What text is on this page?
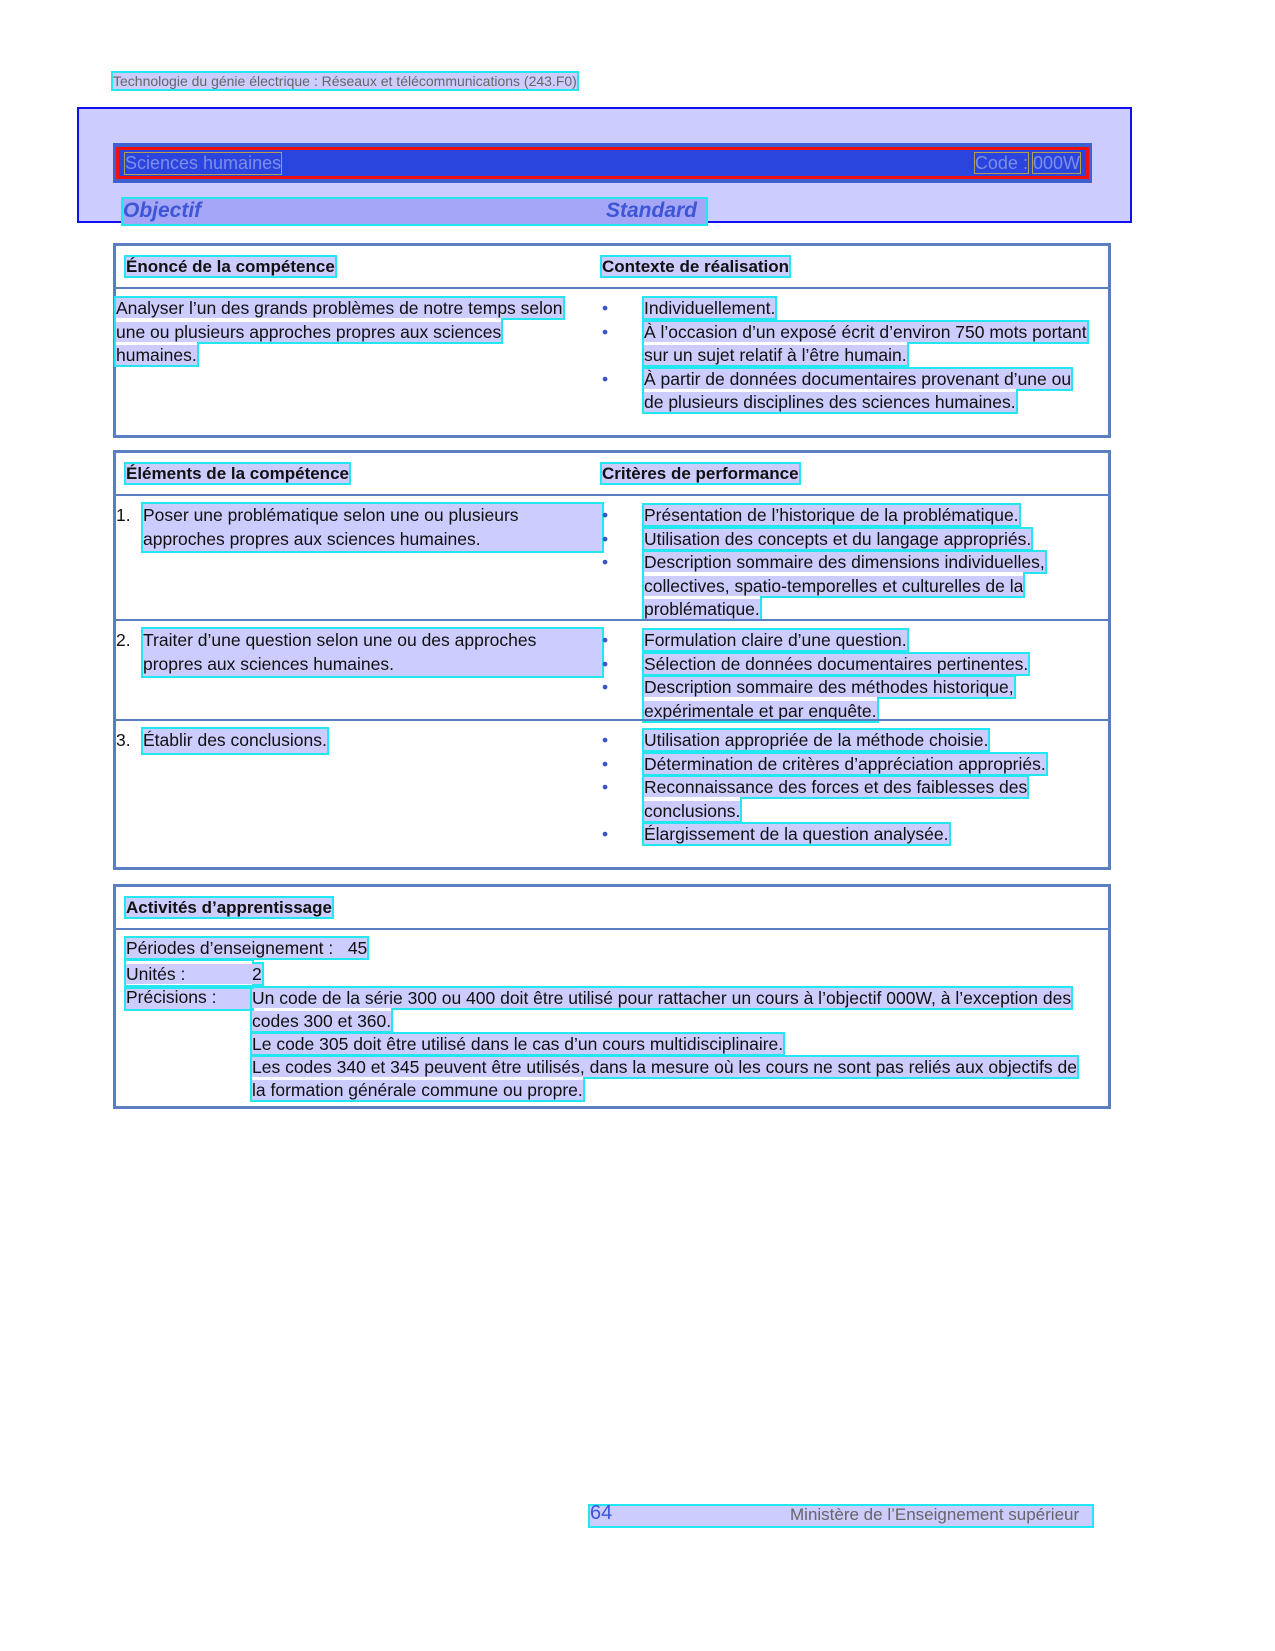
Technologie du génie électrique : Réseaux et télécommunications (243.F0)
Sciences humaines	Code : 000W
Objectif	Standard
Énoncé de la compétence	Contexte de réalisation
Analyser l’un des grands problèmes de notre temps selon une ou plusieurs approches propres aux sciences humaines.
• Individuellement.
• À l’occasion d’un exposé écrit d’environ 750 mots portant sur un sujet relatif à l’être humain.
• À partir de données documentaires provenant d’une ou de plusieurs disciplines des sciences humaines.
Éléments de la compétence	Critères de performance
1. Poser une problématique selon une ou plusieurs approches propres aux sciences humaines.
• Présentation de l’historique de la problématique.
• Utilisation des concepts et du langage appropriés.
• Description sommaire des dimensions individuelles, collectives, spatio-temporelles et culturelles de la problématique.
2. Traiter d’une question selon une ou des approches propres aux sciences humaines.
• Formulation claire d’une question.
• Sélection de données documentaires pertinentes.
• Description sommaire des méthodes historique, expérimentale et par enquête.
3. Établir des conclusions.	• Utilisation appropriée de la méthode choisie.
• Détermination de critères d’appréciation appropriés.
• Reconnaissance des forces et des faiblesses des conclusions.
• Élargissement de la question analysée.
Activités d’apprentissage
Périodes d’enseignement : 45
Unités :	2
Précisions :	Un code de la série 300 ou 400 doit être utilisé pour rattacher un cours à l’objectif 000W, à l’exception des codes 300 et 360.
Le code 305 doit être utilisé dans le cas d’un cours multidisciplinaire.
Les codes 340 et 345 peuvent être utilisés, dans la mesure où les cours ne sont pas reliés aux objectifs de la formation générale commune ou propre.
64	Ministère de l’Enseignement supérieur
